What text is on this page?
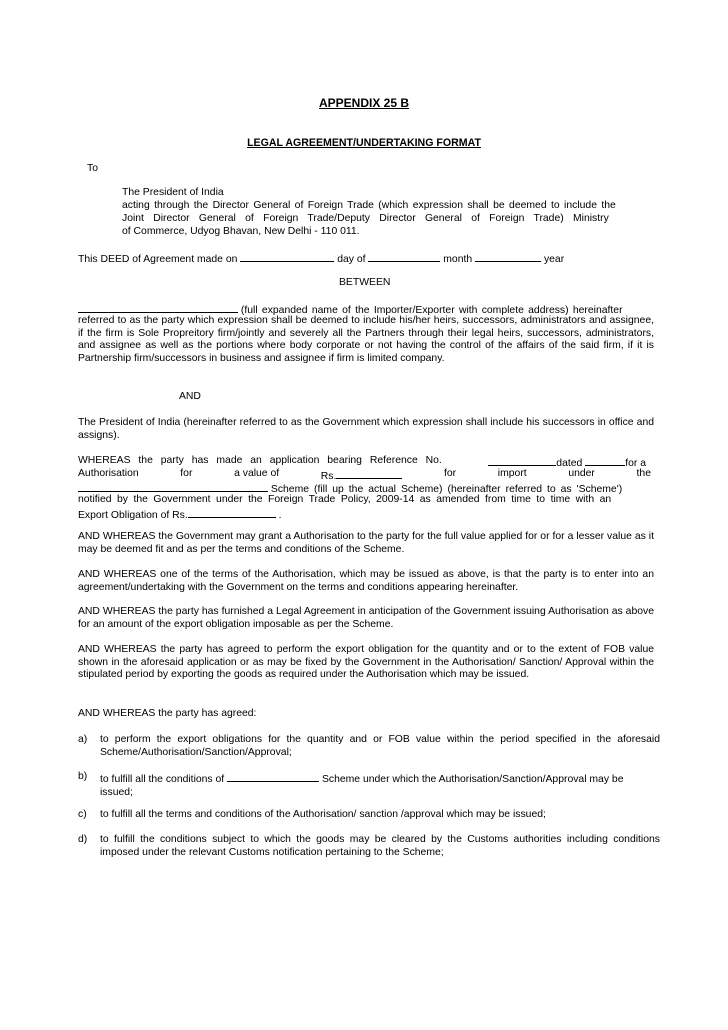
APPENDIX 25 B
LEGAL AGREEMENT/UNDERTAKING FORMAT
To
The President of India
acting through the Director General of Foreign Trade (which expression shall be deemed to include the
Joint Director General of Foreign Trade/Deputy Director General of Foreign Trade) Ministry
of Commerce, Udyog Bhavan, New Delhi - 110 011.
This DEED of Agreement made on	day of	month	year
BETWEEN
(full expanded name of the Importer/Exporter with complete address) hereinafter

referred to as the party which expression shall be deemed to include his/her heirs, successors, administrators and assignee, if the firm is Sole Propreitory firm/jointly and severely all the Partners through their legal heirs, successors, administrators, and assignee as well as the portions where body corporate or not having the control of the affairs of the said firm, if it is Partnership firm/successors in business and assignee if firm is limited company.

AND

The President of India (hereinafter referred to as the Government which expression shall include his successors in office and assigns).

WHEREAS the party has made an application bearing Reference No.	dated	for a
Authorisation	for	a value of	Rs.	for	import	under	the
Scheme (fill up the actual Scheme) (hereinafter referred to as 'Scheme')
notified by the Government under the Foreign Trade Policy, 2009-14 as amended from time to time with an
Export Obligation of Rs.	.

AND WHEREAS the Government may grant a Authorisation to the party for the full value applied for or for a lesser value as it may be deemed fit and as per the terms and conditions of the Scheme.

AND WHEREAS one of the terms of the Authorisation, which may be issued as above, is that the party is to enter into an agreement/undertaking with the Government on the terms and conditions appearing hereinafter.

AND WHEREAS the party has furnished a Legal Agreement in anticipation of the Government issuing Authorisation as above for an amount of the export obligation imposable as per the Scheme.

AND WHEREAS the party has agreed to perform the export obligation for the quantity and or to the extent of FOB value shown in the aforesaid application or as may be fixed by the Government in the Authorisation/ Sanction/ Approval within the stipulated period by exporting the goods as required under the Authorisation which may be issued.

AND WHEREAS the party has agreed:
a) to perform the export obligations for the quantity and or FOB value within the period specified in the aforesaid Scheme/Authorisation/Sanction/Approval;
b) to fulfill all the conditions of	Scheme under which the Authorisation/Sanction/Approval may be
issued;
c) to fulfill all the terms and conditions of the Authorisation/ sanction /approval which may be issued;
d) to fulfill the conditions subject to which the goods may be cleared by the Customs authorities including conditions imposed under the relevant Customs notification pertaining to the Scheme;
